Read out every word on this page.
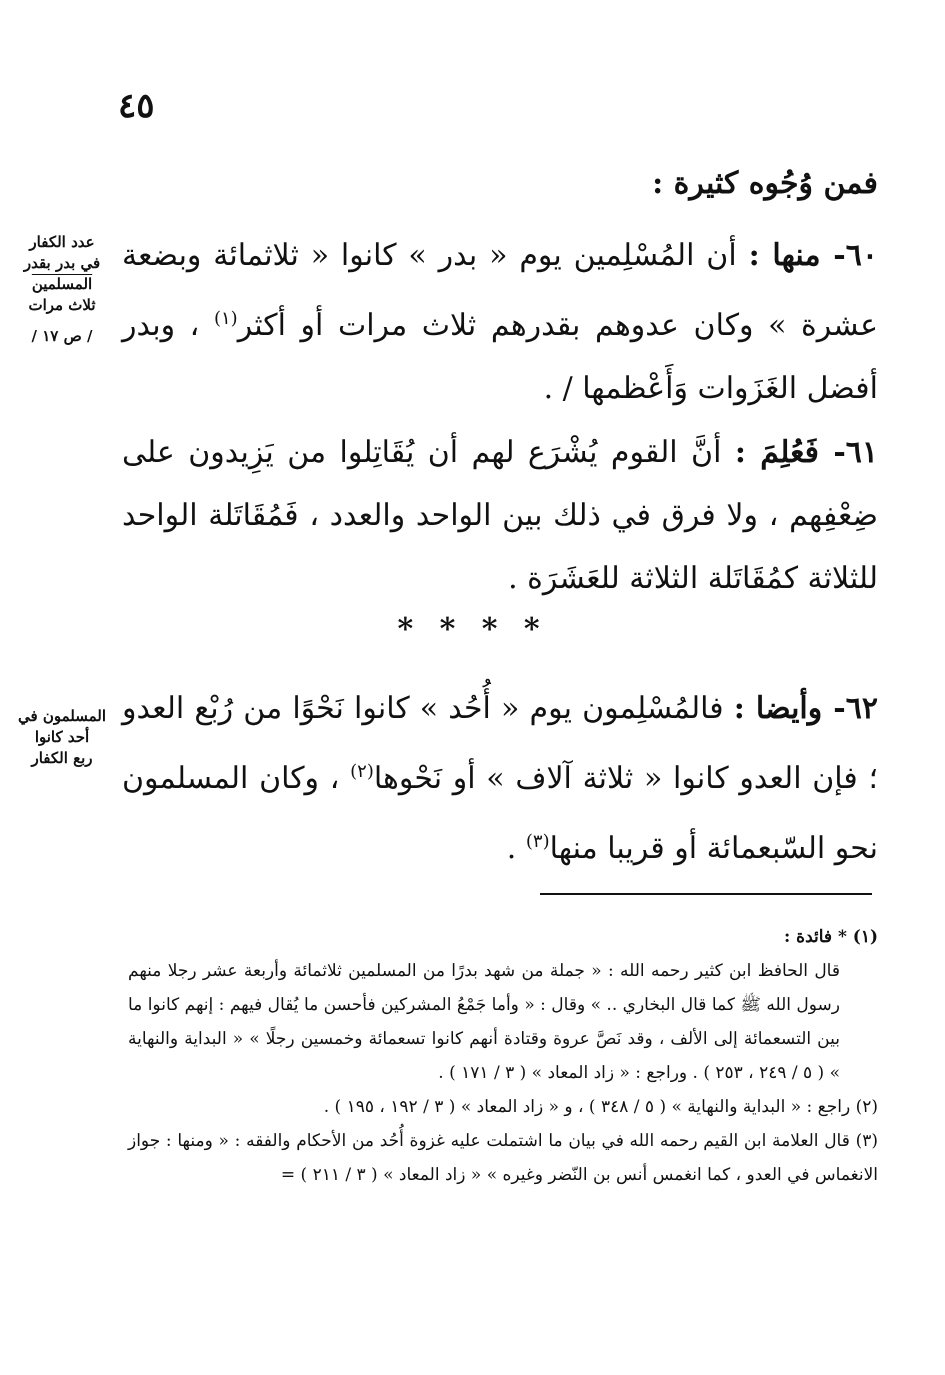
٤٥
فمن وُجُوه كثيرة :
٦٠- منها : أن المُسْلِمين يوم « بدر » كانوا « ثلاثمائة وبضعة عشرة » وكان عدوهم بقدرهم ثلاث مرات أو أكثر$^{(١)}$ ، وبدر أفضل الغَزَوات وَأَعْظمها / .
٦١- فَعُلِمَ : أنَّ القوم يُشْرَع لهم أن يُقَاتِلوا من يَزِيدون على ضِعْفِهم ، ولا فرق في ذلك بين الواحد والعدد ، فَمُقَاتَلة الواحد للثلاثة كمُقَاتَلة الثلاثة للعَشَرَة .
* * * *
٦٢- وأيضا : فالمُسْلِمون يوم « أُحُد » كانوا نَحْوًا من رُبْع العدو ؛ فإن العدو كانوا « ثلاثة آلاف » أو نَحْوها$^{(٢)}$ ، وكان المسلمون نحو السّبعمائة أو قريبا منها$^{(٣)}$ .
عدد الكفار
في بدر بقدر
المسلمين
ثلاث مرات
/ ص ١٧ /
المسلمون في
أحد كانوا
ربع الكفار
(١) * فائدة :
قال الحافظ ابن كثير رحمه الله : « جملة من شهد بدرًا من المسلمين ثلاثمائة وأربعة عشر رجلا منهم رسول الله ﷺ كما قال البخاري .. » وقال : « وأما جَمْعُ المشركين فأحسن ما يُقال فيهم : إنهم كانوا ما بين التسعمائة إلى الألف ، وقد نَصَّ عروة وقتادة أنهم كانوا تسعمائة وخمسين رجلًا » « البداية والنهاية » ( ٥ / ٢٤٩ ، ٢٥٣ ) . وراجع : « زاد المعاد » ( ٣ / ١٧١ ) .
(٢) راجع : « البداية والنهاية » ( ٥ / ٣٤٨ ) ، و « زاد المعاد » ( ٣ / ١٩٢ ، ١٩٥ ) .
(٣) قال العلامة ابن القيم رحمه الله في بيان ما اشتملت عليه غزوة أُحُد من الأحكام والفقه : « ومنها : جواز الانغماس في العدو ، كما انغمس أنس بن النّضر وغيره » « زاد المعاد » ( ٣ / ٢١١ ) =
